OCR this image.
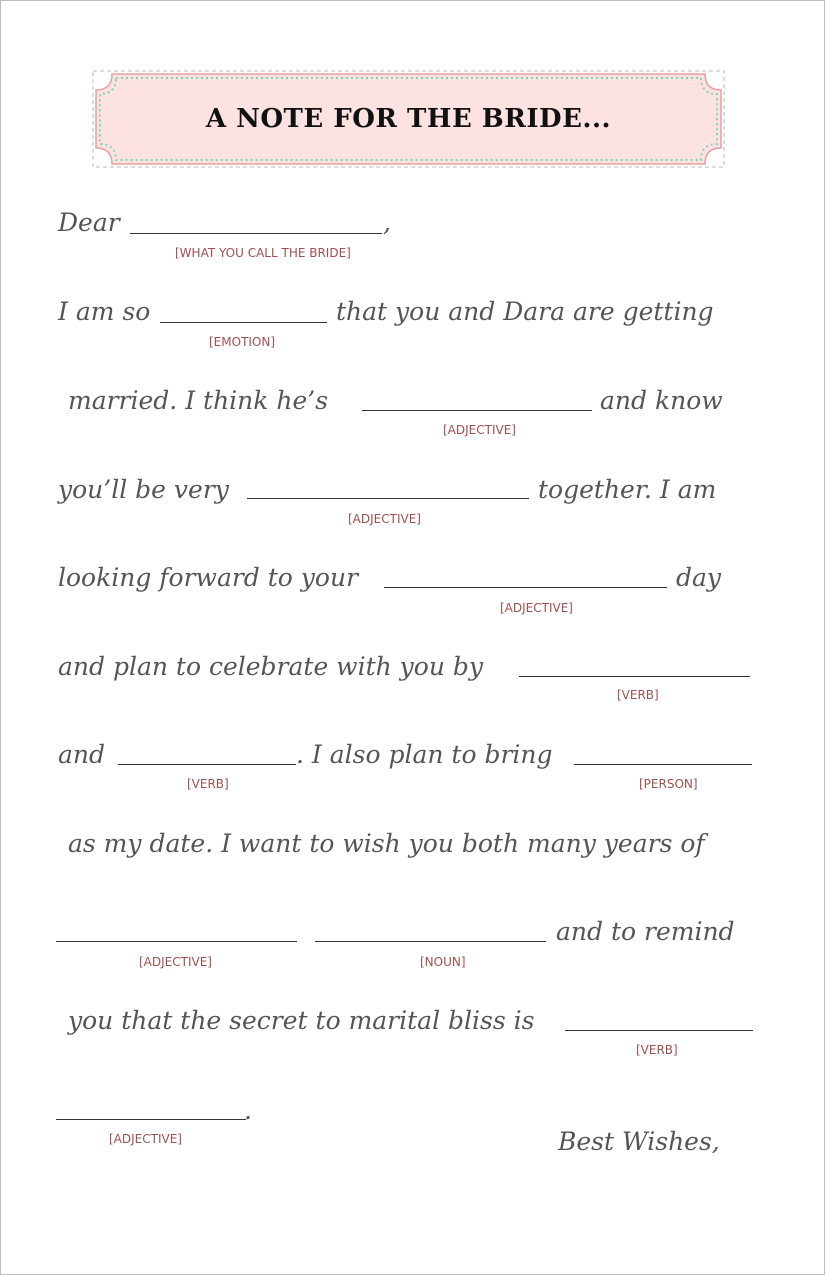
A NOTE FOR THE BRIDE...
Dear	,
[WHAT YOU CALL THE BRIDE]
I am so	that you and Dara are getting
[EMOTION]
married. I think he’s	and know
[ADJECTIVE]
you’ll be very	together. I am
[ADJECTIVE]
looking forward to your	day
[ADJECTIVE]
and plan to celebrate with you by
[VERB]
and	. I also plan to bring
[VERB]	[PERSON]
as my date. I want to wish you both many years of
and to remind
[ADJECTIVE]	[NOUN]
you that the secret to marital bliss is
[VERB]
.
[ADJECTIVE]	Best Wishes,
